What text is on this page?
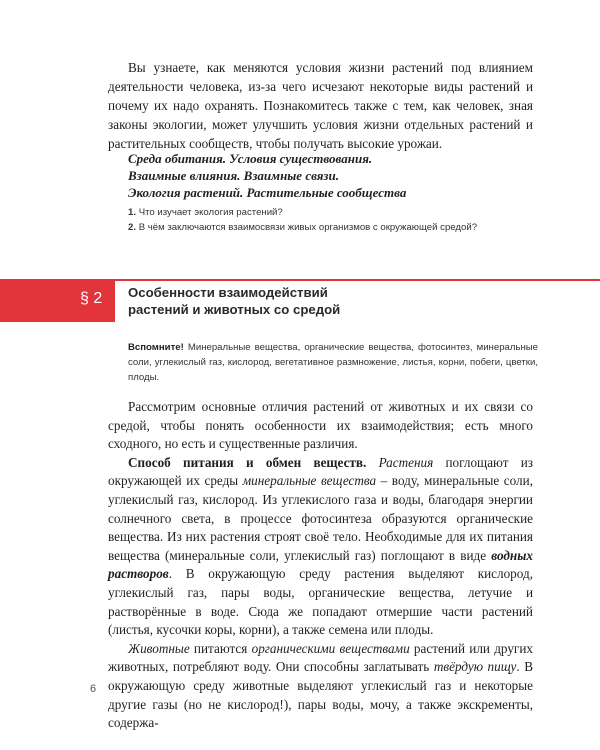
Вы узнаете, как меняются условия жизни растений под влиянием деятельности человека, из-за чего исчезают некоторые виды растений и почему их надо охранять. Познакомитесь также с тем, как человек, зная законы экологии, может улучшить условия жизни отдельных растений и растительных сообществ, чтобы получать высокие урожаи.

Среда обитания. Условия существования.
Взаимные влияния. Взаимные связи.
Экология растений. Растительные сообщества
1. Что изучает экология растений?
2. В чём заключаются взаимосвязи живых организмов с окружающей средой?
§ 2 Особенности взаимодействий
растений и животных со средой

Вспомните! Минеральные вещества, органические вещества, фотосинтез, минеральные соли, углекислый газ, кислород, вегетативное размножение, листья, корни, побеги, цветки, плоды.

Рассмотрим основные отличия растений от животных и их связи со средой, чтобы понять особенности их взаимодействия; есть много сходного, но есть и существенные различия.

Способ питания и обмен веществ. Растения поглощают из окружающей их среды минеральные вещества – воду, минеральные соли, углекислый газ, кислород. Из углекислого газа и воды, благодаря энергии солнечного света, в процессе фотосинтеза образуются органические вещества. Из них растения строят своё тело. Необходимые для их питания вещества (минеральные соли, углекислый газ) поглощают в виде водных растворов. В окружающую среду растения выделяют кислород, углекислый газ, пары воды, органические вещества, летучие и растворённые в воде. Сюда же попадают отмершие части растений (листья, кусочки коры, корни), а также семена или плоды.

Животные питаются органическими веществами растений или других животных, потребляют воду. Они способны заглатывать твёрдую пищу. В окружающую среду животные выделяют углекислый газ и некоторые другие газы (но не кислород!), пары воды, мочу, а также экскременты, содержа-

6
